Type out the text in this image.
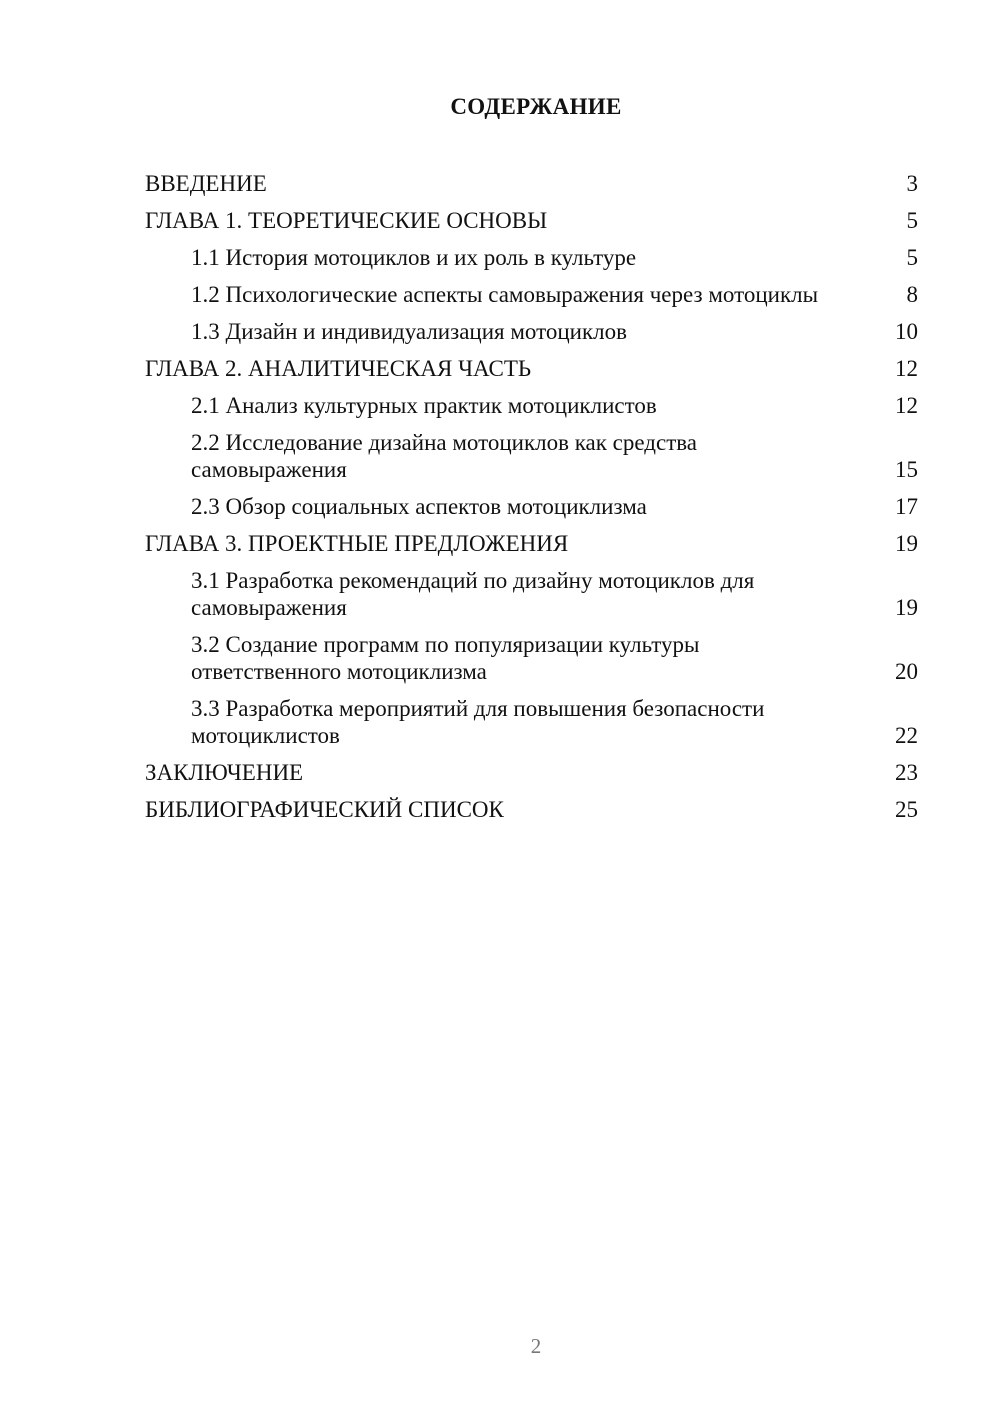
СОДЕРЖАНИЕ
ВВЕДЕНИЕ	3
ГЛАВА 1. ТЕОРЕТИЧЕСКИЕ ОСНОВЫ	5
1.1 История мотоциклов и их роль в культуре	5
1.2 Психологические аспекты самовыражения через мотоциклы	8
1.3 Дизайн и индивидуализация мотоциклов	10
ГЛАВА 2. АНАЛИТИЧЕСКАЯ ЧАСТЬ	12
2.1 Анализ культурных практик мотоциклистов	12
2.2 Исследование дизайна мотоциклов как средства самовыражения	15
2.3 Обзор социальных аспектов мотоциклизма	17
ГЛАВА 3. ПРОЕКТНЫЕ ПРЕДЛОЖЕНИЯ	19
3.1 Разработка рекомендаций по дизайну мотоциклов для самовыражения	19
3.2 Создание программ по популяризации культуры ответственного мотоциклизма	20
3.3 Разработка мероприятий для повышения безопасности мотоциклистов	22
ЗАКЛЮЧЕНИЕ	23
БИБЛИОГРАФИЧЕСКИЙ СПИСОК	25
2
